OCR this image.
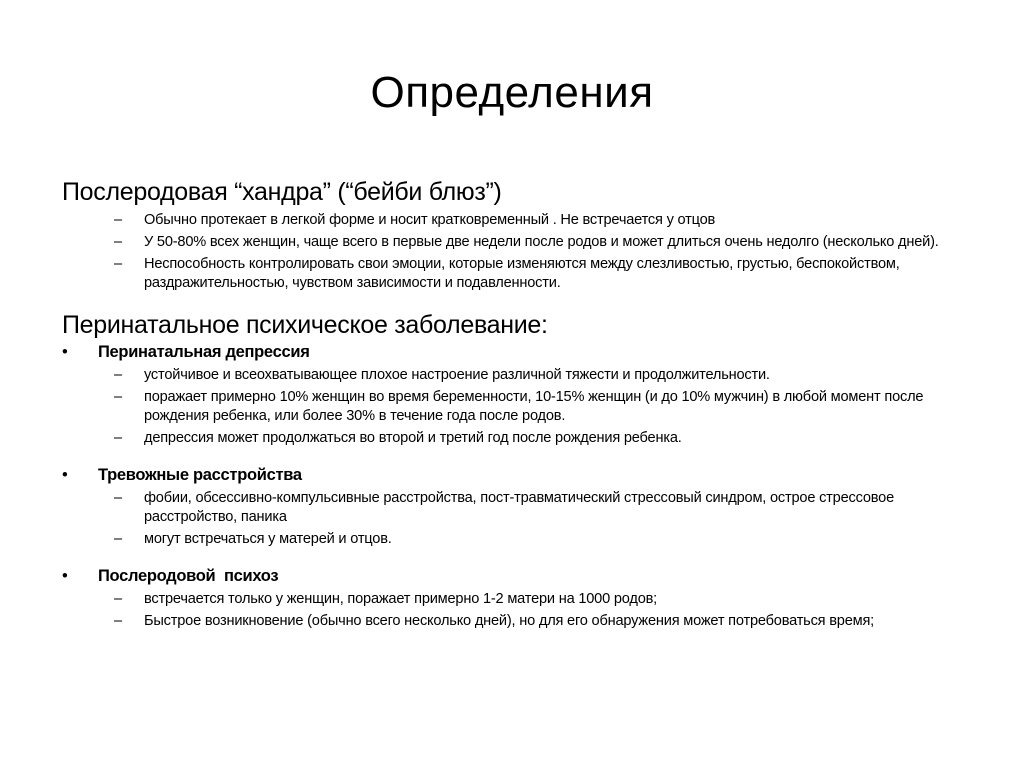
Определения
Послеродовая “хандра” (“бейби блюз”)
– Обычно протекает в легкой форме и носит кратковременный . Не встречается у отцов
– У 50-80% всех женщин, чаще всего в первые две недели после родов и может длиться очень недолго (несколько дней).
– Неспособность контролировать свои эмоции, которые изменяются между слезливостью, грустью, беспокойством, раздражительностью, чувством зависимости и подавленности.
Перинатальное психическое заболевание:
• Перинатальная депрессия
– устойчивое и всеохватывающее плохое настроение различной тяжести и продолжительности.
– поражает примерно 10% женщин во время беременности, 10-15% женщин (и до 10% мужчин) в любой момент после рождения ребенка, или более 30% в течение года после родов.
– депрессия может продолжаться во второй и третий год после рождения ребенка.
• Тревожные расстройства
– фобии, обсессивно-компульсивные расстройства, пост-травматический стрессовый синдром, острое стрессовое расстройство, паника
– могут встречаться у матерей и отцов.
• Послеродовой  психоз
– встречается только у женщин, поражает примерно 1-2 матери на 1000 родов;
– Быстрое возникновение (обычно всего несколько дней), но для его обнаружения может потребоваться время;
